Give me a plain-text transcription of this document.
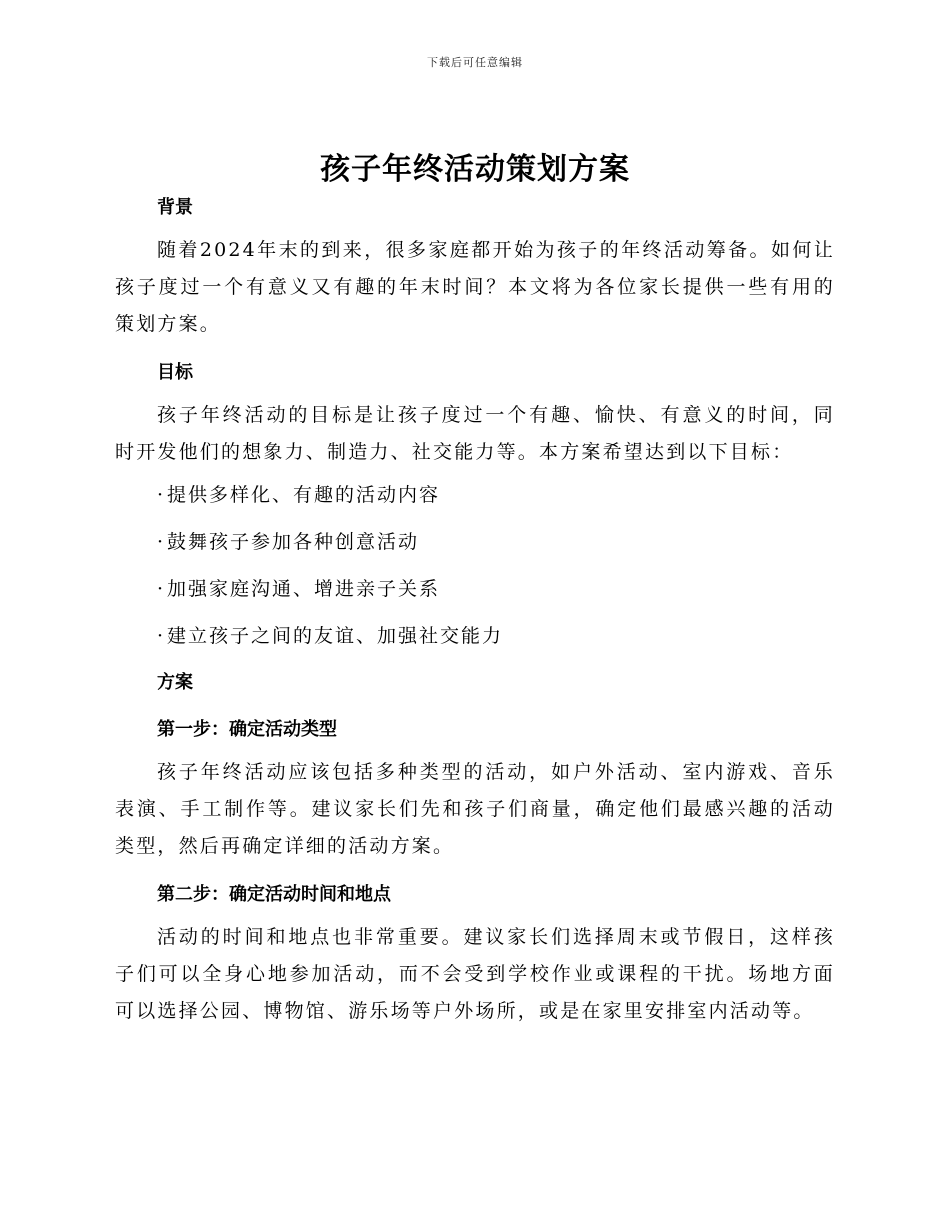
下载后可任意编辑
孩子年终活动策划方案
背景

随着2024年末的到来，很多家庭都开始为孩子的年终活动筹备。如何让孩子度过一个有意义又有趣的年末时间？本文将为各位家长提供一些有用的策划方案。

目标

孩子年终活动的目标是让孩子度过一个有趣、愉快、有意义的时间，同时开发他们的想象力、制造力、社交能力等。本方案希望达到以下目标：

· 提供多样化、有趣的活动内容

· 鼓舞孩子参加各种创意活动

· 加强家庭沟通、增进亲子关系

· 建立孩子之间的友谊、加强社交能力

方案
第一步：确定活动类型

孩子年终活动应该包括多种类型的活动，如户外活动、室内游戏、音乐表演、手工制作等。建议家长们先和孩子们商量，确定他们最感兴趣的活动类型，然后再确定详细的活动方案。

第二步：确定活动时间和地点

活动的时间和地点也非常重要。建议家长们选择周末或节假日，这样孩子们可以全身心地参加活动，而不会受到学校作业或课程的干扰。场地方面可以选择公园、博物馆、游乐场等户外场所，或是在家里安排室内活动等。
